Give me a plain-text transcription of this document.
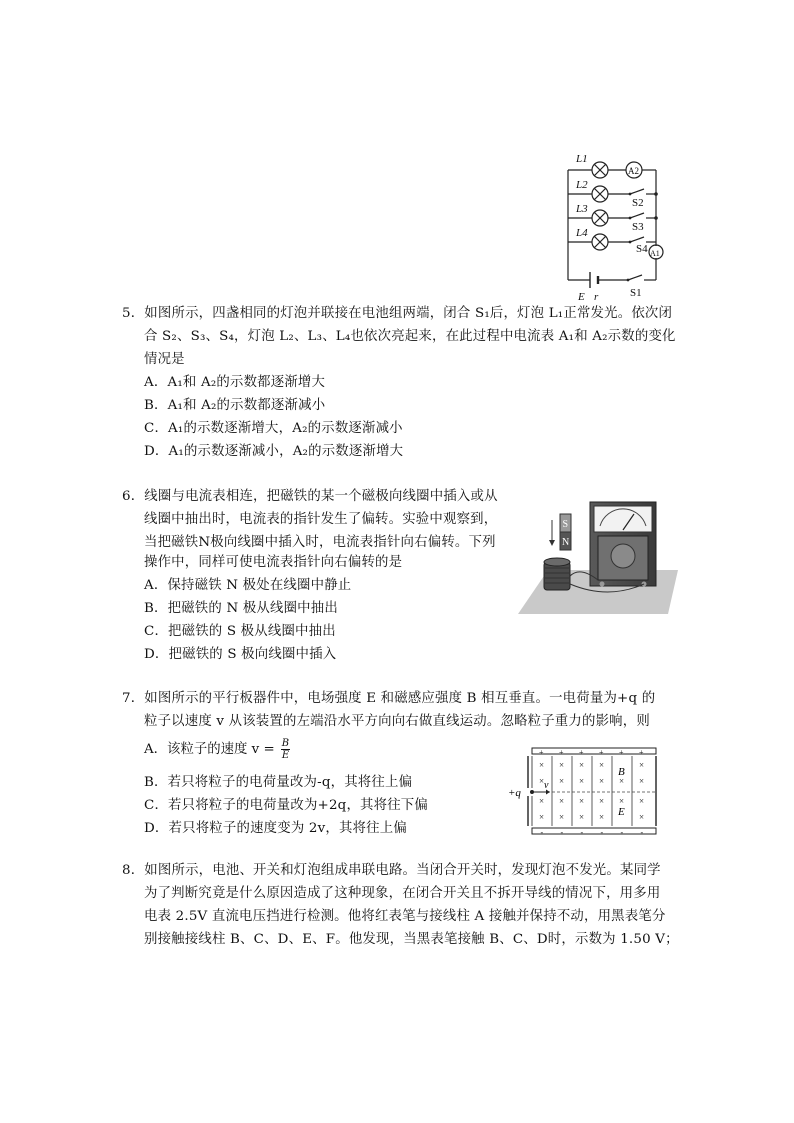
A2
A1
L1
L2
L3
L4
S2
S3
S4
S1
E r
5．如图所示，四盏相同的灯泡并联接在电池组两端，闭合 S₁后，灯泡 L₁正常发光。依次闭
合 S₂、S₃、S₄，灯泡 L₂、L₃、L₄也依次亮起来，在此过程中电流表 A₁和 A₂示数的变化
情况是
A．A₁和 A₂的示数都逐渐增大
B．A₁和 A₂的示数都逐渐减小
C．A₁的示数逐渐增大，A₂的示数逐渐减小
D．A₁的示数逐渐减小，A₂的示数逐渐增大
6．线圈与电流表相连，把磁铁的某一个磁极向线圈中插入或从
线圈中抽出时，电流表的指针发生了偏转。实验中观察到，
当把磁铁N极向线圈中插入时，电流表指针向右偏转。下列
操作中，同样可使电流表指针向右偏转的是
A．保持磁铁 N 极处在线圈中静止
B．把磁铁的 N 极从线圈中抽出
C．把磁铁的 S 极从线圈中抽出
D．把磁铁的 S 极向线圈中插入
S
N
7．如图所示的平行板器件中，电场强度 E 和磁感应强度 B 相互垂直。一电荷量为+q 的
粒子以速度 v 从该装置的左端沿水平方向向右做直线运动。忽略粒子重力的影响，则
A．该粒子的速度 $v = \frac{B}{E}$
B．若只将粒子的电荷量改为-q，其将往上偏
C．若只将粒子的电荷量改为+2q，其将往下偏
D．若只将粒子的速度变为 2v，其将往上偏
+
-
×
×
×
×
+
-
×
×
×
×
+
-
×
×
×
×
+
-
×
×
×
×
+
-
×
×
+
-
×
×
×
×
+q
v
B
E
8．如图所示，电池、开关和灯泡组成串联电路。当闭合开关时，发现灯泡不发光。某同学
为了判断究竟是什么原因造成了这种现象，在闭合开关且不拆开导线的情况下，用多用
电表 2.5V 直流电压挡进行检测。他将红表笔与接线柱 A 接触并保持不动，用黑表笔分
别接触接线柱 B、C、D、E、F。他发现，当黑表笔接触 B、C、D时，示数为 1.50 V；
